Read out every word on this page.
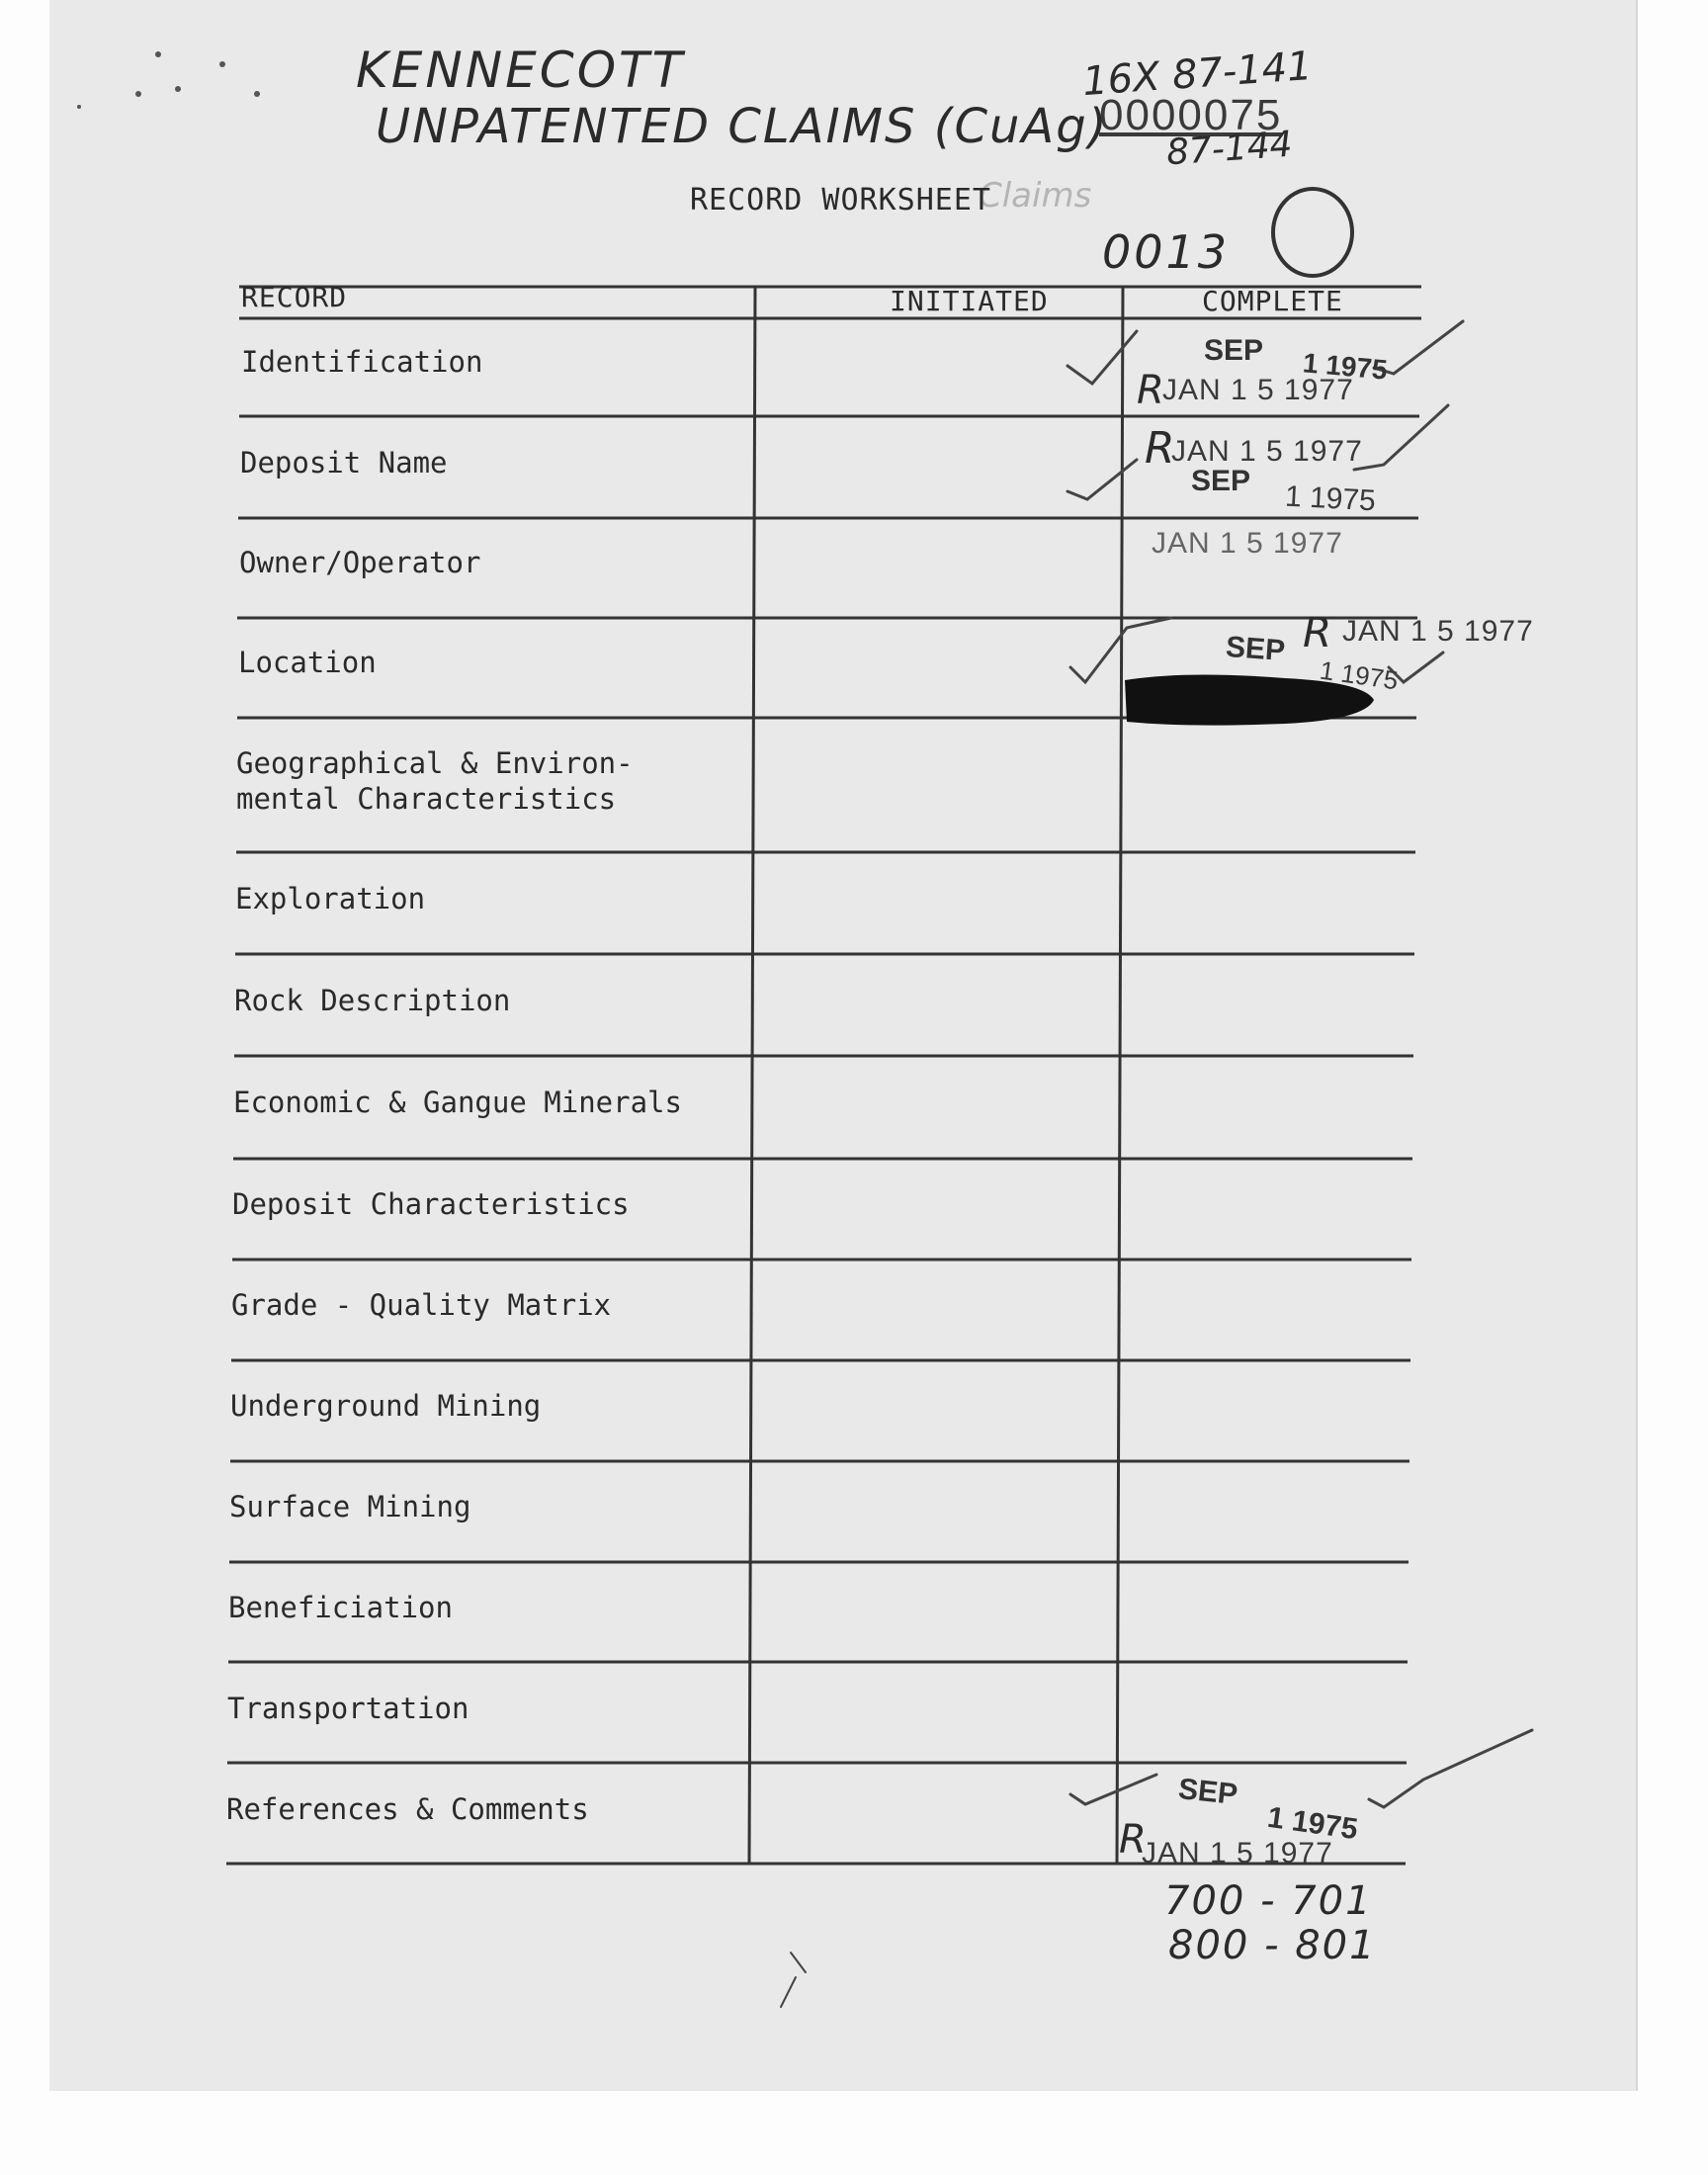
KENNECOTT
UNPATENTED CLAIMS (CuAg)
16X 87-141
0000075
87-144
Claims
0013
RECORD WORKSHEET
RECORD	INITIATED	COMPLETE
Identification
Deposit Name
Owner/Operator
Location
Geographical & Environ-
mental Characteristics
Exploration
Rock Description
Economic & Gangue Minerals
Deposit Characteristics
Grade - Quality Matrix
Underground Mining
Surface Mining
Beneficiation
Transportation
References & Comments
SEP 1 1975
R
JAN 1 5 1977
R
JAN 1 5 1977
SEP 1 1975
JAN 1 5 1977
SEP R JAN 1 5 1977
1 1975
SEP
1 1975
R
JAN 1 5 1977
700 - 701
800 - 801
